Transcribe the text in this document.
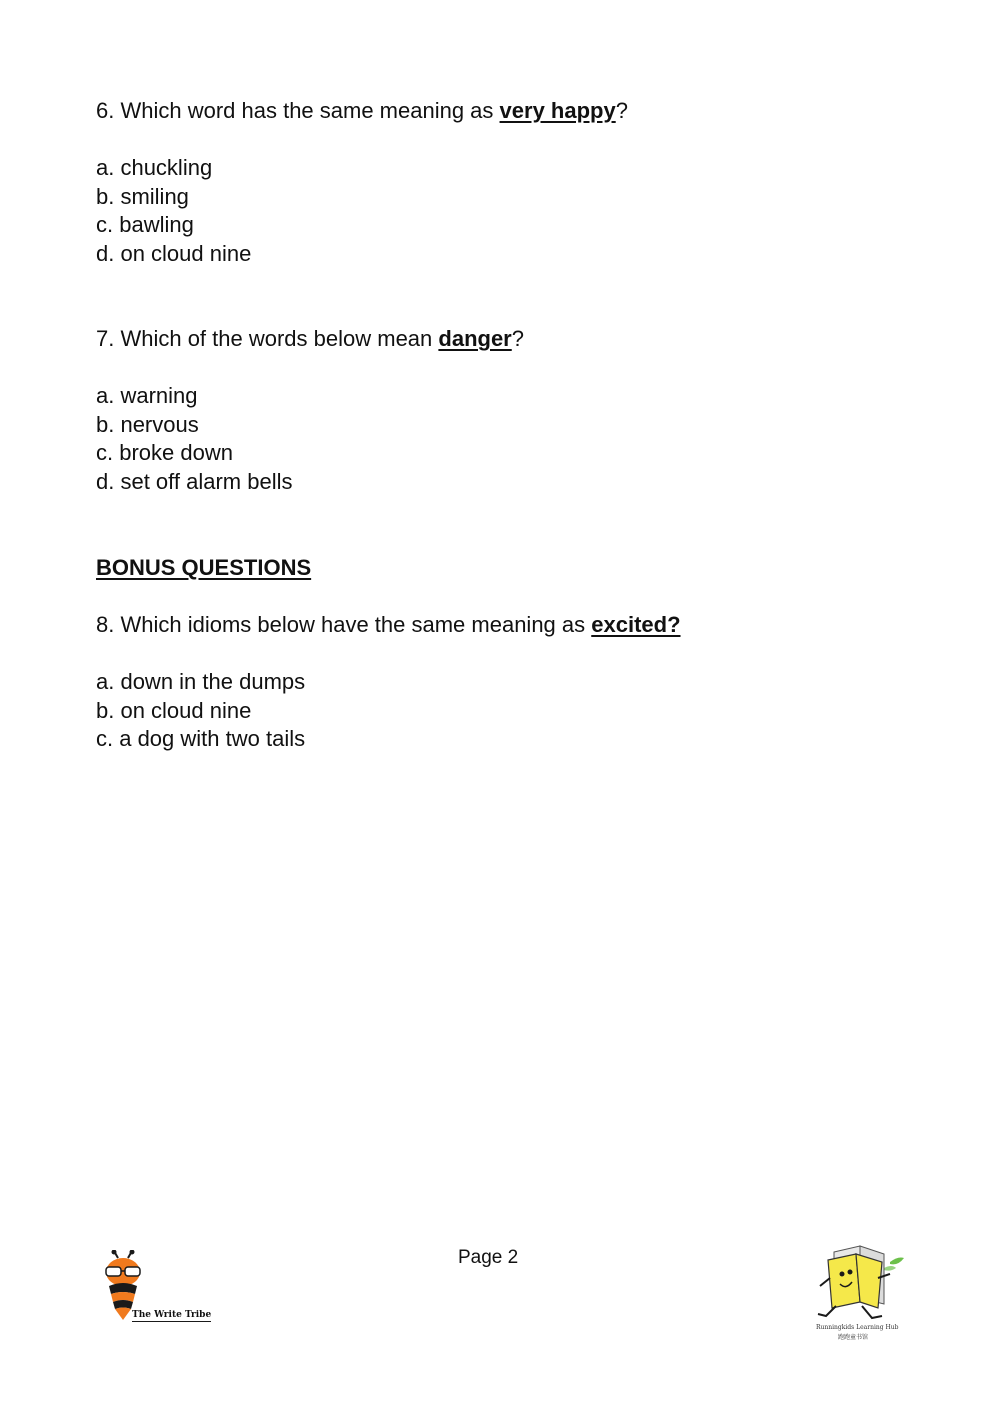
6. Which word has the same meaning as very happy?
a. chuckling
b. smiling
c. bawling
d. on cloud nine
7. Which of the words below mean danger?
a. warning
b. nervous
c. broke down
d. set off alarm bells
BONUS QUESTIONS
8. Which idioms below have the same meaning as excited?
a. down in the dumps
b. on cloud nine
c. a dog with two tails
Page 2
The Write Tribe
Runningkids Learning Hub
跑跑童书馆
